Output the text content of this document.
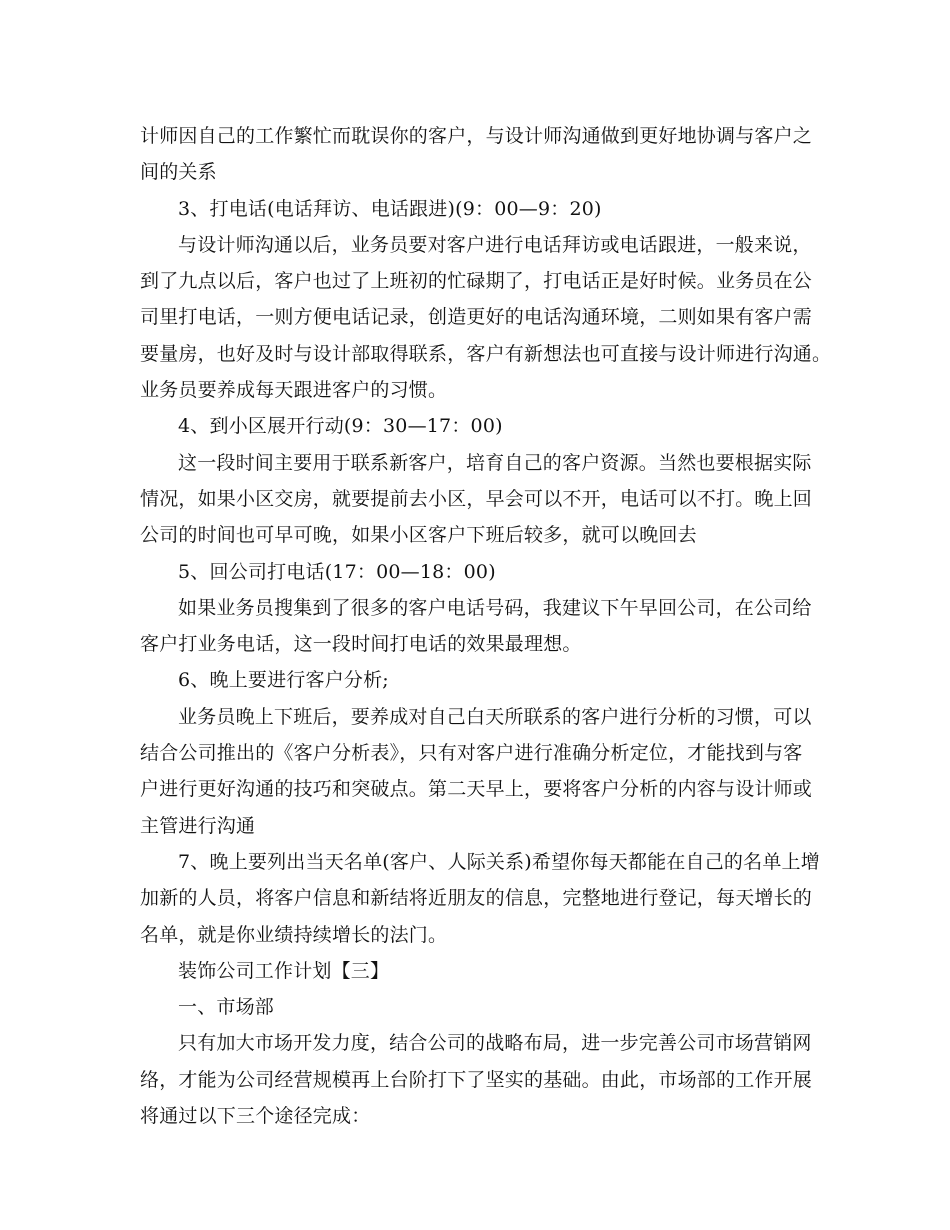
计师因自己的工作繁忙而耽误你的客户，与设计师沟通做到更好地协调与客户之
间的关系
3、打电话(电话拜访、电话跟进)(9：00—9：20)
与设计师沟通以后，业务员要对客户进行电话拜访或电话跟进，一般来说，
到了九点以后，客户也过了上班初的忙碌期了，打电话正是好时候。业务员在公
司里打电话，一则方便电话记录，创造更好的电话沟通环境，二则如果有客户需
要量房，也好及时与设计部取得联系，客户有新想法也可直接与设计师进行沟通。
业务员要养成每天跟进客户的习惯。
4、到小区展开行动(9：30—17：00)
这一段时间主要用于联系新客户，培育自己的客户资源。当然也要根据实际
情况，如果小区交房，就要提前去小区，早会可以不开，电话可以不打。晚上回
公司的时间也可早可晚，如果小区客户下班后较多，就可以晚回去
5、回公司打电话(17：00—18：00)
如果业务员搜集到了很多的客户电话号码，我建议下午早回公司，在公司给
客户打业务电话，这一段时间打电话的效果最理想。
6、晚上要进行客户分析;
业务员晚上下班后，要养成对自己白天所联系的客户进行分析的习惯，可以
结合公司推出的《客户分析表》，只有对客户进行准确分析定位，才能找到与客
户进行更好沟通的技巧和突破点。第二天早上，要将客户分析的内容与设计师或
主管进行沟通
7、晚上要列出当天名单(客户、人际关系)希望你每天都能在自己的名单上增
加新的人员，将客户信息和新结将近朋友的信息，完整地进行登记，每天增长的
名单，就是你业绩持续增长的法门。
装饰公司工作计划【三】
一、市场部
只有加大市场开发力度，结合公司的战略布局，进一步完善公司市场营销网
络，才能为公司经营规模再上台阶打下了坚实的基础。由此，市场部的工作开展
将通过以下三个途径完成：
